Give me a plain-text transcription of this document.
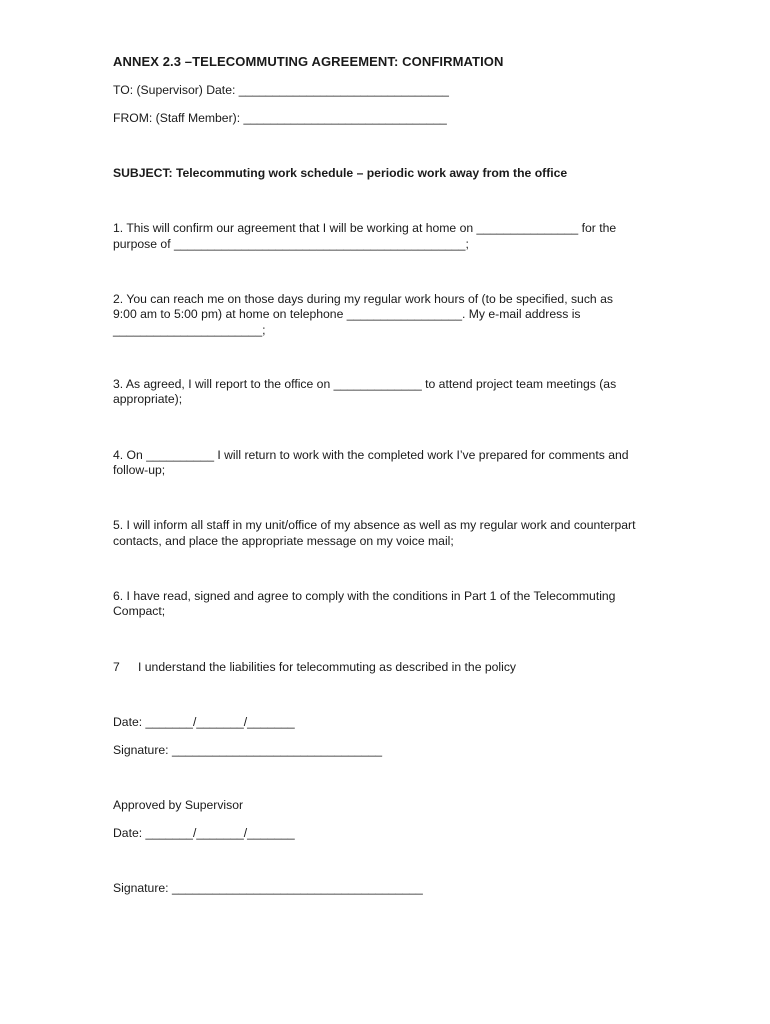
ANNEX 2.3 –TELECOMMUTING AGREEMENT: CONFIRMATION

TO: (Supervisor) Date: _______________________________

FROM: (Staff Member): ______________________________

SUBJECT: Telecommuting work schedule – periodic work away from the office

1. This will confirm our agreement that I will be working at home on _______________ for the

purpose of ___________________________________________;

2. You can reach me on those days during my regular work hours of (to be specified, such as

9:00 am to 5:00 pm) at home on telephone _________________. My e-mail address is

______________________;

3. As agreed, I will report to the office on _____________ to attend project team meetings (as

appropriate);

4. On __________ I will return to work with the completed work I’ve prepared for comments and

follow-up;

5. I will inform all staff in my unit/office of my absence as well as my regular work and counterpart

contacts, and place the appropriate message on my voice mail;

6. I have read, signed and agree to comply with the conditions in Part 1 of the Telecommuting

Compact;

7 I understand the liabilities for telecommuting as described in the policy

Date: _______/_______/_______

Signature: _______________________________

Approved by Supervisor

Date: _______/_______/_______

Signature: _____________________________________
